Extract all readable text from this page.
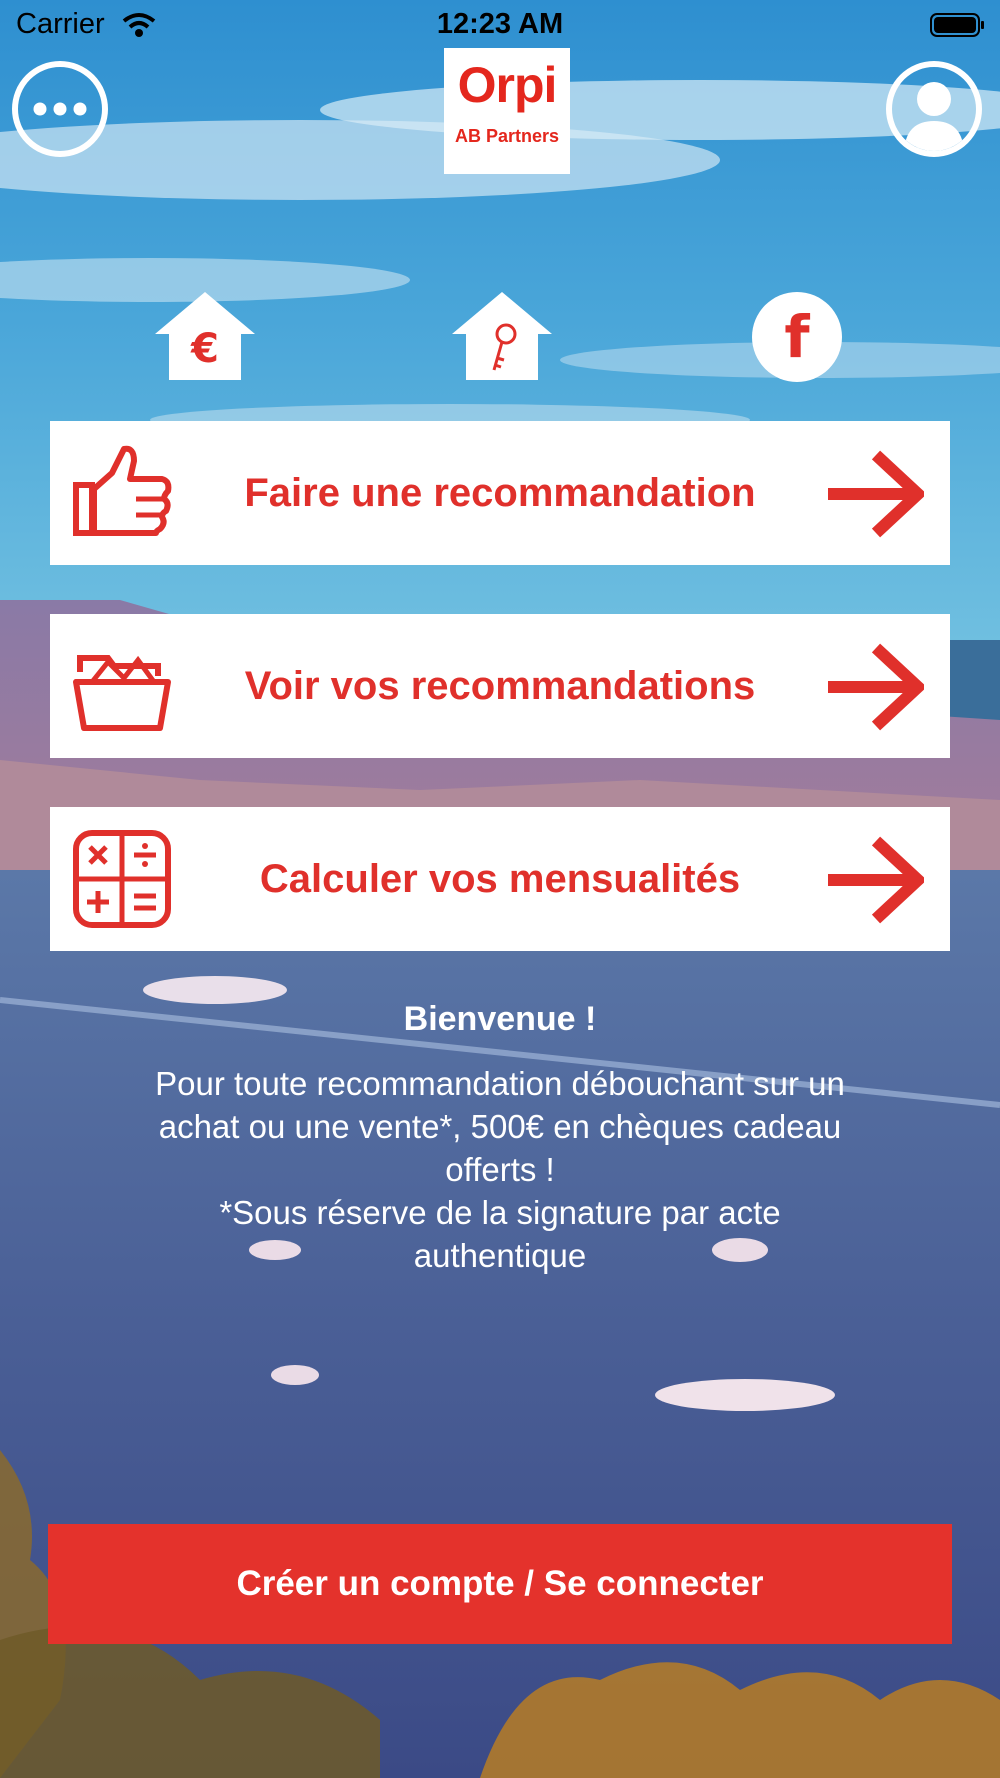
Carrier	12:23 AM
Orpi
AB Partners
€	f
Faire une recommandation
Voir vos recommandations
Calculer vos mensualités
Bienvenue !
Pour toute recommandation débouchant sur un achat ou une vente*, 500€ en chèques cadeau offerts !
*Sous réserve de la signature par acte authentique
Créer un compte / Se connecter
